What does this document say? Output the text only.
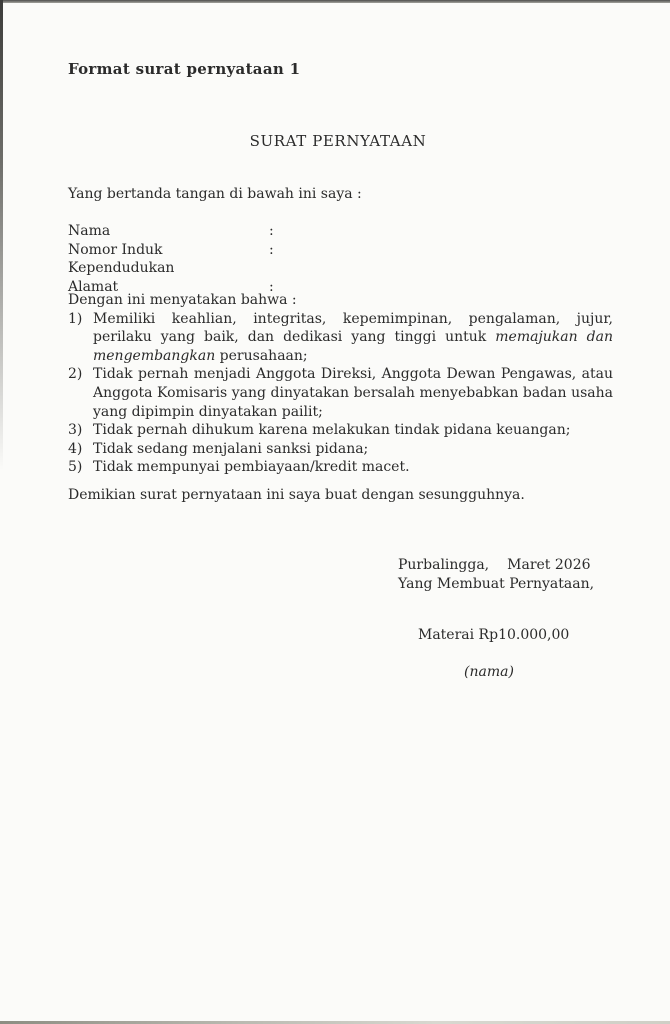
Format surat pernyataan 1
SURAT PERNYATAAN
Yang bertanda tangan di bawah ini saya :
Nama	:
Nomor Induk Kependudukan
:
Alamat	:
Dengan ini menyatakan bahwa :
1) Memiliki keahlian, integritas, kepemimpinan, pengalaman, jujur, perilaku yang baik, dan dedikasi yang tinggi untuk memajukan dan mengembangkan perusahaan;
2) Tidak pernah menjadi Anggota Direksi, Anggota Dewan Pengawas, atau Anggota Komisaris yang dinyatakan bersalah menyebabkan badan usaha yang dipimpin dinyatakan pailit;
3) Tidak pernah dihukum karena melakukan tindak pidana keuangan;
4) Tidak sedang menjalani sanksi pidana;
5) Tidak mempunyai pembiayaan/kredit macet.
Demikian surat pernyataan ini saya buat dengan sesungguhnya.
Purbalingga, Maret 2026
Yang Membuat Pernyataan,
Materai Rp10.000,00
(nama)
